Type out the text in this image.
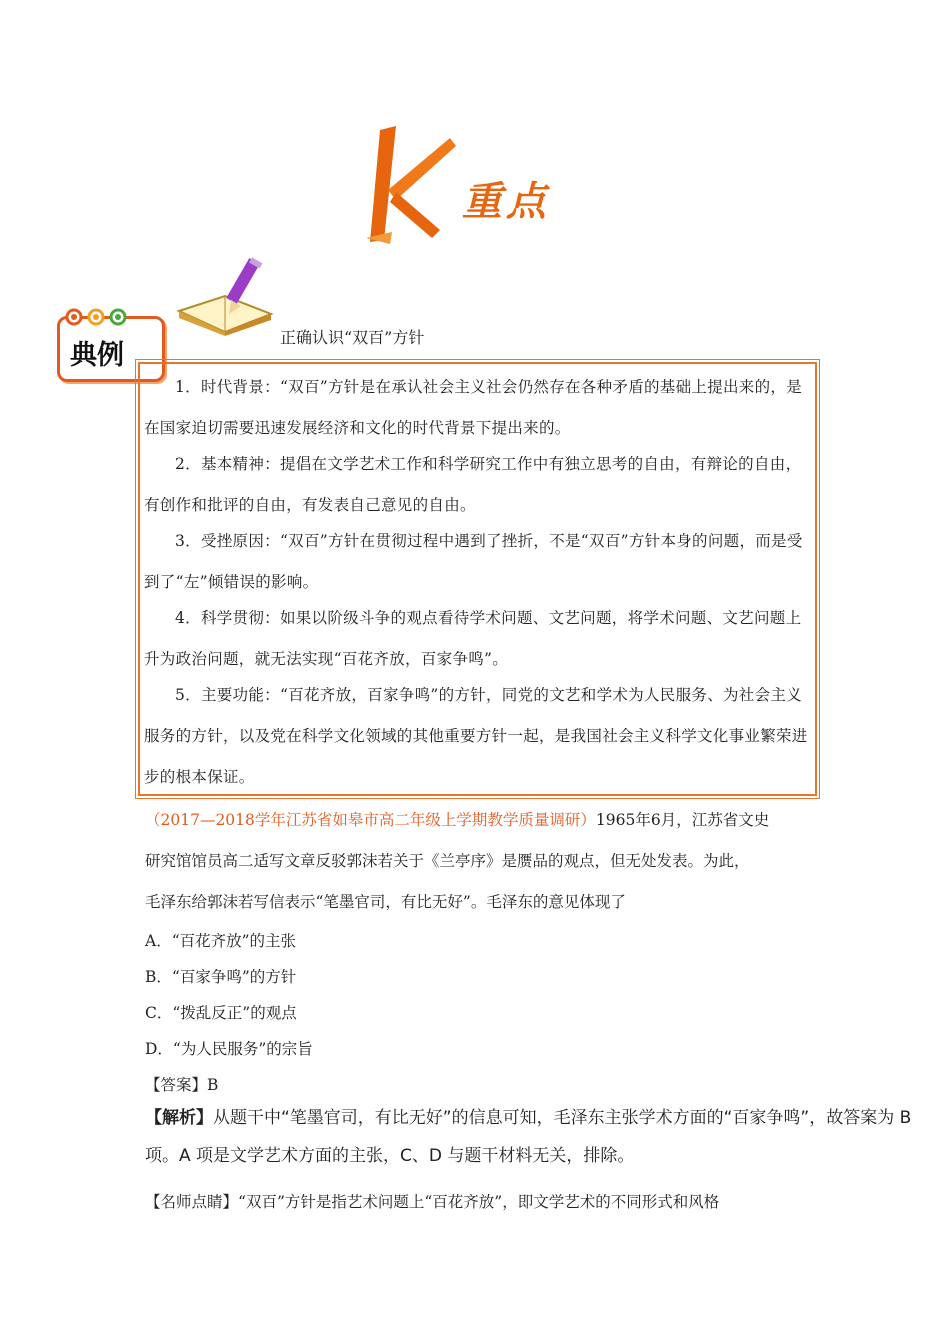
重点
典例
正确认识“双百”方针
1．时代背景：“双百”方针是在承认社会主义社会仍然存在各种矛盾的基础上提出来的，是在国家迫切需要迅速发展经济和文化的时代背景下提出来的。
2．基本精神：提倡在文学艺术工作和科学研究工作中有独立思考的自由，有辩论的自由，有创作和批评的自由，有发表自己意见的自由。
3．受挫原因：“双百”方针在贯彻过程中遇到了挫折，不是“双百”方针本身的问题，而是受到了“左”倾错误的影响。
4．科学贯彻：如果以阶级斗争的观点看待学术问题、文艺问题，将学术问题、文艺问题上升为政治问题，就无法实现“百花齐放，百家争鸣”。
5．主要功能：“百花齐放，百家争鸣”的方针，同党的文艺和学术为人民服务、为社会主义服务的方针，以及党在科学文化领域的其他重要方针一起，是我国社会主义科学文化事业繁荣进步的根本保证。
（2017—2018学年江苏省如皋市高二年级上学期教学质量调研）1965年6月，江苏省文史
研究馆馆员高二适写文章反驳郭沫若关于《兰亭序》是赝品的观点，但无处发表。为此，
毛泽东给郭沫若写信表示“笔墨官司，有比无好”。毛泽东的意见体现了
A．“百花齐放”的主张
B．“百家争鸣”的方针
C．“拨乱反正”的观点
D．“为人民服务”的宗旨
【答案】B
【解析】从题干中“笔墨官司，有比无好”的信息可知，毛泽东主张学术方面的“百家争鸣”，故答案为 B
项。A 项是文学艺术方面的主张，C、D 与题干材料无关，排除。
【名师点睛】“双百”方针是指艺术问题上“百花齐放”，即文学艺术的不同形式和风格
